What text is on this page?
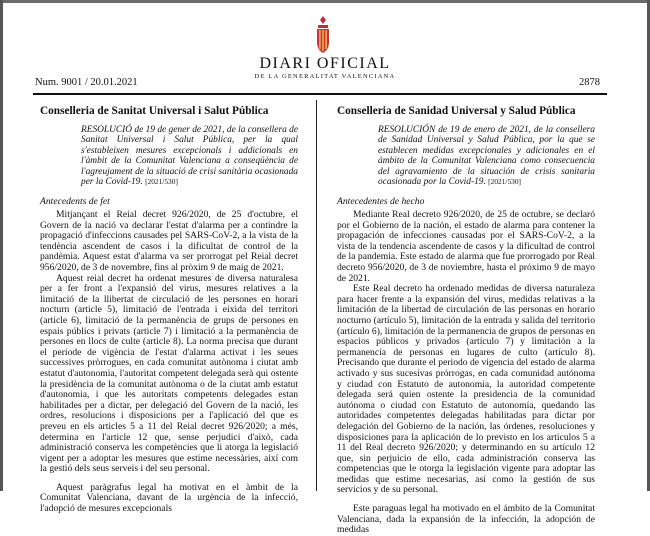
DIARI OFICIAL
DE LA GENERALITAT VALENCIANA
Num. 9001 / 20.01.2021	2878
Conselleria de Sanitat Universal i Salut Pública
RESOLUCIÓ de 19 de gener de 2021, de la consellera de Sanitat Universal i Salut Pública, per la qual s'estableixen mesures excepcionals i addicionals en l'àmbit de la Comunitat Valenciana a conseqüència de l'agreujament de la situació de crisi sanitària ocasionada per la Covid-19. [2021/530]
Antecedents de fet

Mitjançant el Reial decret 926/2020, de 25 d'octubre, el Govern de la nació va declarar l'estat d'alarma per a contindre la propagació d'infeccions causades pel SARS-CoV-2, a la vista de la tendència ascendent de casos i la dificultat de control de la pandèmia. Aquest estat d'alarma va ser prorrogat pel Reial decret 956/2020, de 3 de novembre, fins al pròxim 9 de maig de 2021.

Aquest reial decret ha ordenat mesures de diversa naturalesa per a fer front a l'expansió del virus, mesures relatives a la limitació de la llibertat de circulació de les persones en horari nocturn (article 5), limitació de l'entrada i eixida del territori (article 6), limitació de la permanència de grups de persones en espais públics i privats (article 7) i limitació a la permanència de persones en llocs de culte (article 8). La norma precisa que durant el període de vigència de l'estat d'alarma activat i les seues successives pròrrogues, en cada comunitat autònoma i ciutat amb estatut d'autonomia, l'autoritat competent delegada serà qui ostente la presidència de la comunitat autònoma o de la ciutat amb estatut d'autonomia, i que les autoritats competents delegades estan habilitades per a dictar, per delegació del Govern de la nació, les ordres, resolucions i disposicions per a l'aplicació del que es preveu en els articles 5 a 11 del Reial decret 926/2020; a més, determina en l'article 12 que, sense perjudici d'això, cada administració conserva les competències que li atorga la legislació vigent per a adoptar les mesures que estime necessàries, així com la gestió dels seus serveis i del seu personal.

Aquest paràgrafus legal ha motivat en el àmbit de la Comunitat Valenciana, davant de la urgència de la infecció, l'adopció de mesures excepcionals

Conselleria de Sanidad Universal y Salud Pública
RESOLUCIÓN de 19 de enero de 2021, de la consellera de Sanidad Universal y Salud Pública, por la que se establecen medidas excepcionales y adicionales en el ámbito de la Comunitat Valenciana como consecuencia del agravamiento de la situación de crisis sanitaria ocasionada por la Covid-19. [2021/530]
Antecedentes de hecho

Mediante Real decreto 926/2020, de 25 de octubre, se declaró por el Gobierno de la nación, el estado de alarma para contener la propagación de infecciones causadas por el SARS-CoV-2, a la vista de la tendencia ascendente de casos y la dificultad de control de la pandemia. Este estado de alarma que fue prorrogado por Real decreto 956/2020, de 3 de noviembre, hasta el próximo 9 de mayo de 2021.

Este Real decreto ha ordenado medidas de diversa naturaleza para hacer frente a la expansión del virus, medidas relativas a la limitación de la libertad de circulación de las personas en horario nocturno (artículo 5), limitación de la entrada y salida del territorio (artículo 6), limitación de la permanencia de grupos de personas en espacios públicos y privados (artículo 7) y limitación a la permanencia de personas en lugares de culto (artículo 8). Precisando que durante el periodo de vigencia del estado de alarma activado y sus sucesivas prórrogas, en cada comunidad autónoma y ciudad con Estatuto de autonomía, la autoridad competente delegada será quien ostente la presidencia de la comunidad autónoma o ciudad con Estatuto de autonomía, quedando las autoridades competentes delegadas habilitadas para dictar por delegación del Gobierno de la nación, las órdenes, resoluciones y disposiciones para la aplicación de lo previsto en los artículos 5 a 11 del Real decreto 926/2020; y determinando en su artículo 12 que, sin perjuicio de ello, cada administración conserva las competencias que le otorga la legislación vigente para adoptar las medidas que estime necesarias, así como la gestión de sus servicios y de su personal.

Este paraguas legal ha motivado en el ámbito de la Comunitat Valenciana, dada la expansión de la infección, la adopción de medidas
